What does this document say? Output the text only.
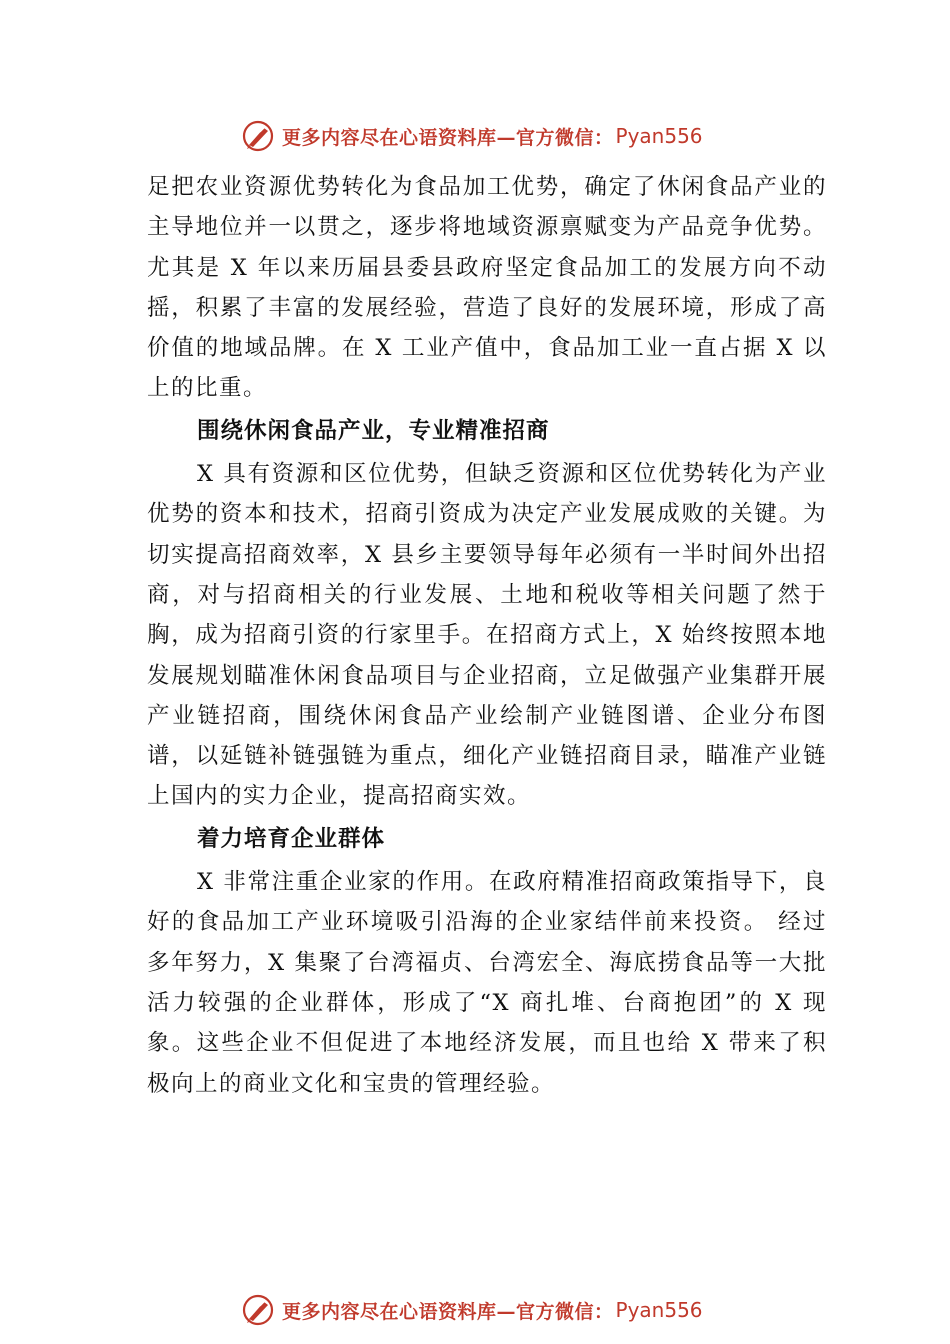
更多内容尽在心语资料库—官方微信： Pyan556

足把农业资源优势转化为食品加工优势，确定了休闲食品产业的主导地位并一以贯之，逐步将地域资源禀赋变为产品竞争优势。尤其是 X 年以来历届县委县政府坚定食品加工的发展方向不动摇，积累了丰富的发展经验，营造了良好的发展环境，形成了高价值的地域品牌。在 X 工业产值中，食品加工业一直占据 X 以上的比重。

围绕休闲食品产业，专业精准招商

X 具有资源和区位优势，但缺乏资源和区位优势转化为产业优势的资本和技术，招商引资成为决定产业发展成败的关键。为切实提高招商效率，X 县乡主要领导每年必须有一半时间外出招商，对与招商相关的行业发展、土地和税收等相关问题了然于胸，成为招商引资的行家里手。在招商方式上，X 始终按照本地发展规划瞄准休闲食品项目与企业招商，立足做强产业集群开展产业链招商，围绕休闲食品产业绘制产业链图谱、企业分布图谱，以延链补链强链为重点，细化产业链招商目录，瞄准产业链上国内的实力企业，提高招商实效。

着力培育企业群体

X 非常注重企业家的作用。在政府精准招商政策指导下，良好的食品加工产业环境吸引沿海的企业家结伴前来投资。 经过多年努力，X 集聚了台湾福贞、台湾宏全、海底捞食品等一大批活力较强的企业群体，形成了“X 商扎堆、台商抱团”的 X 现象。这些企业不但促进了本地经济发展，而且也给 X 带来了积极向上的商业文化和宝贵的管理经验。

更多内容尽在心语资料库—官方微信： Pyan556
